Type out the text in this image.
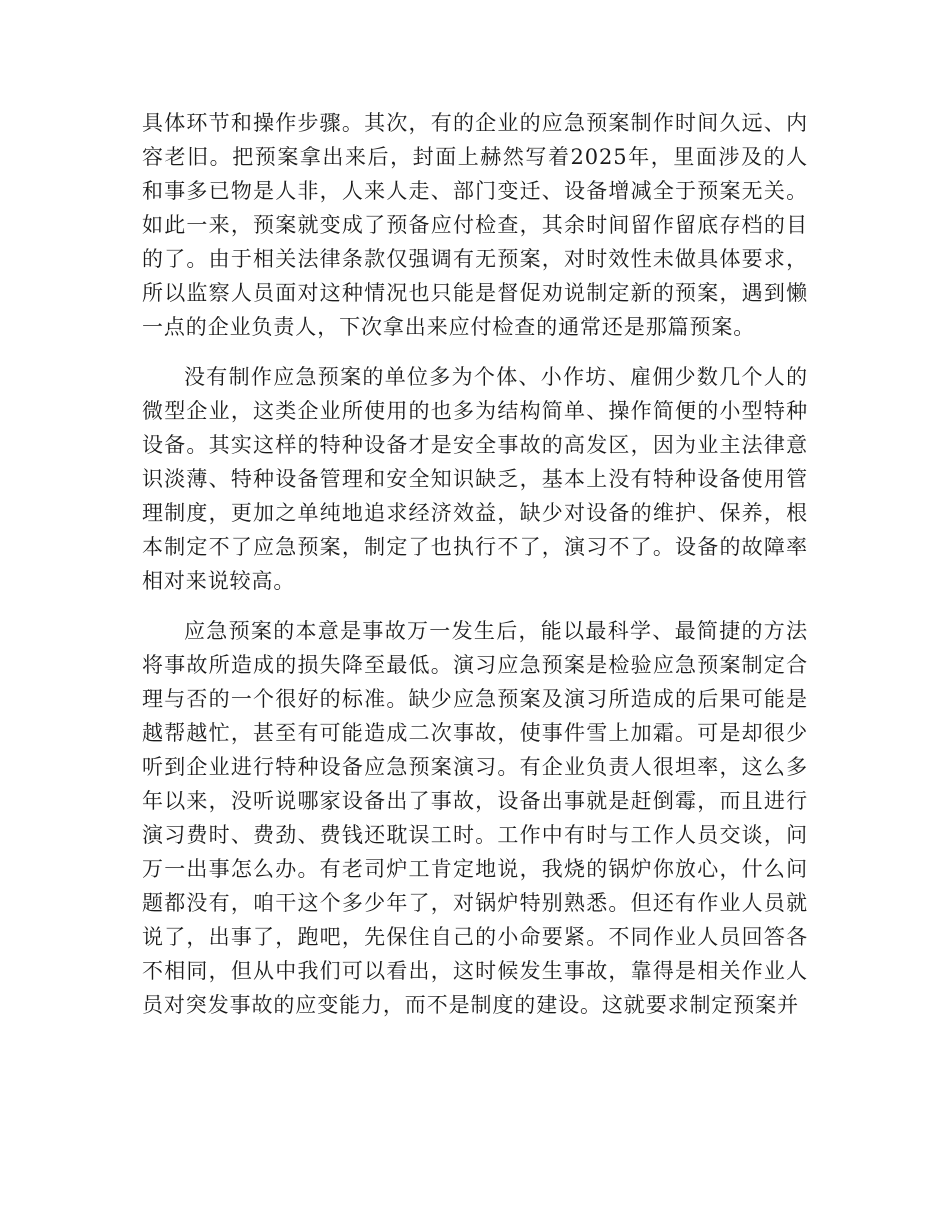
具体环节和操作步骤。其次，有的企业的应急预案制作时间久远、内容老旧。把预案拿出来后，封面上赫然写着2025年，里面涉及的人和事多已物是人非，人来人走、部门变迁、设备增减全于预案无关。如此一来，预案就变成了预备应付检查，其余时间留作留底存档的目的了。由于相关法律条款仅强调有无预案，对时效性未做具体要求，所以监察人员面对这种情况也只能是督促劝说制定新的预案，遇到懒一点的企业负责人，下次拿出来应付检查的通常还是那篇预案。

没有制作应急预案的单位多为个体、小作坊、雇佣少数几个人的微型企业，这类企业所使用的也多为结构简单、操作简便的小型特种设备。其实这样的特种设备才是安全事故的高发区，因为业主法律意识淡薄、特种设备管理和安全知识缺乏，基本上没有特种设备使用管理制度，更加之单纯地追求经济效益，缺少对设备的维护、保养，根本制定不了应急预案，制定了也执行不了，演习不了。设备的故障率相对来说较高。

应急预案的本意是事故万一发生后，能以最科学、最简捷的方法将事故所造成的损失降至最低。演习应急预案是检验应急预案制定合理与否的一个很好的标准。缺少应急预案及演习所造成的后果可能是越帮越忙，甚至有可能造成二次事故，使事件雪上加霜。可是却很少听到企业进行特种设备应急预案演习。有企业负责人很坦率，这么多年以来，没听说哪家设备出了事故，设备出事就是赶倒霉，而且进行演习费时、费劲、费钱还耽误工时。工作中有时与工作人员交谈，问万一出事怎么办。有老司炉工肯定地说，我烧的锅炉你放心，什么问题都没有，咱干这个多少年了，对锅炉特别熟悉。但还有作业人员就说了，出事了，跑吧，先保住自己的小命要紧。不同作业人员回答各不相同，但从中我们可以看出，这时候发生事故，靠得是相关作业人员对突发事故的应变能力，而不是制度的建设。这就要求制定预案并
